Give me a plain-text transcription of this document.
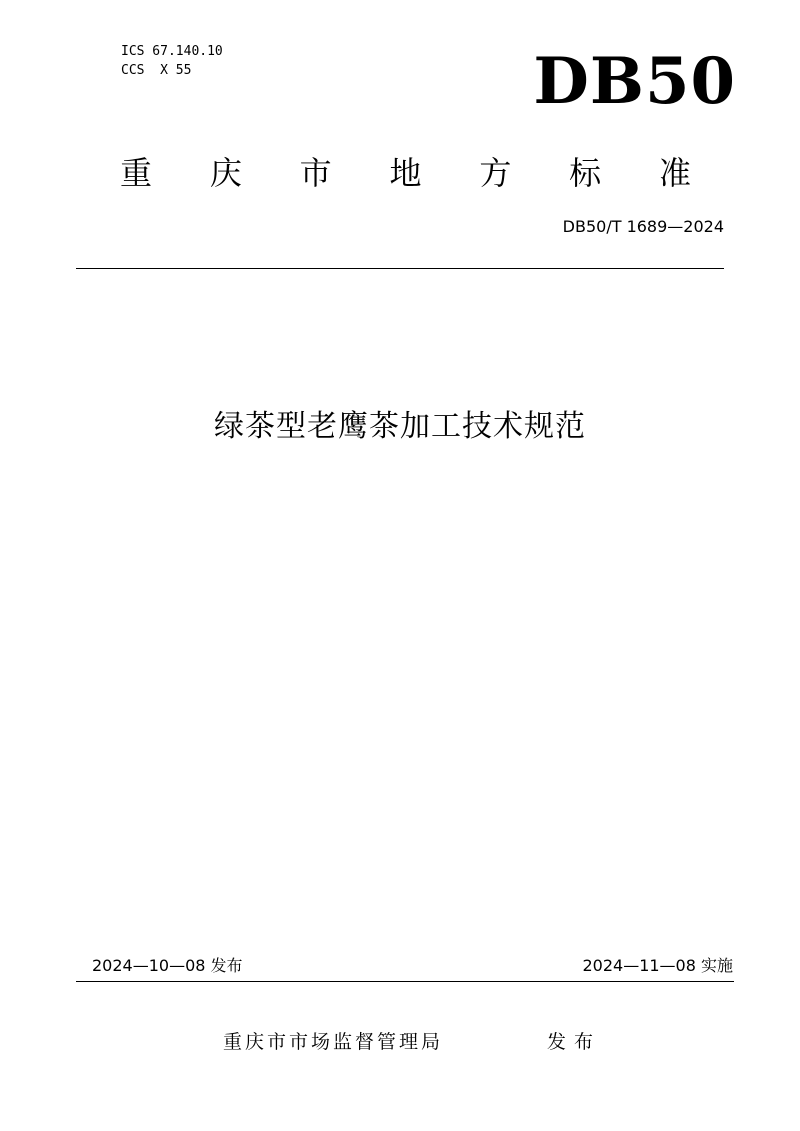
ICS 67.140.10
CCS  X 55	DB50
重 庆 市 地 方 标 准
DB50/T 1689—2024
绿茶型老鹰茶加工技术规范
2024—10—08 发布	2024—11—08 实施
重庆市市场监督管理局	发布
